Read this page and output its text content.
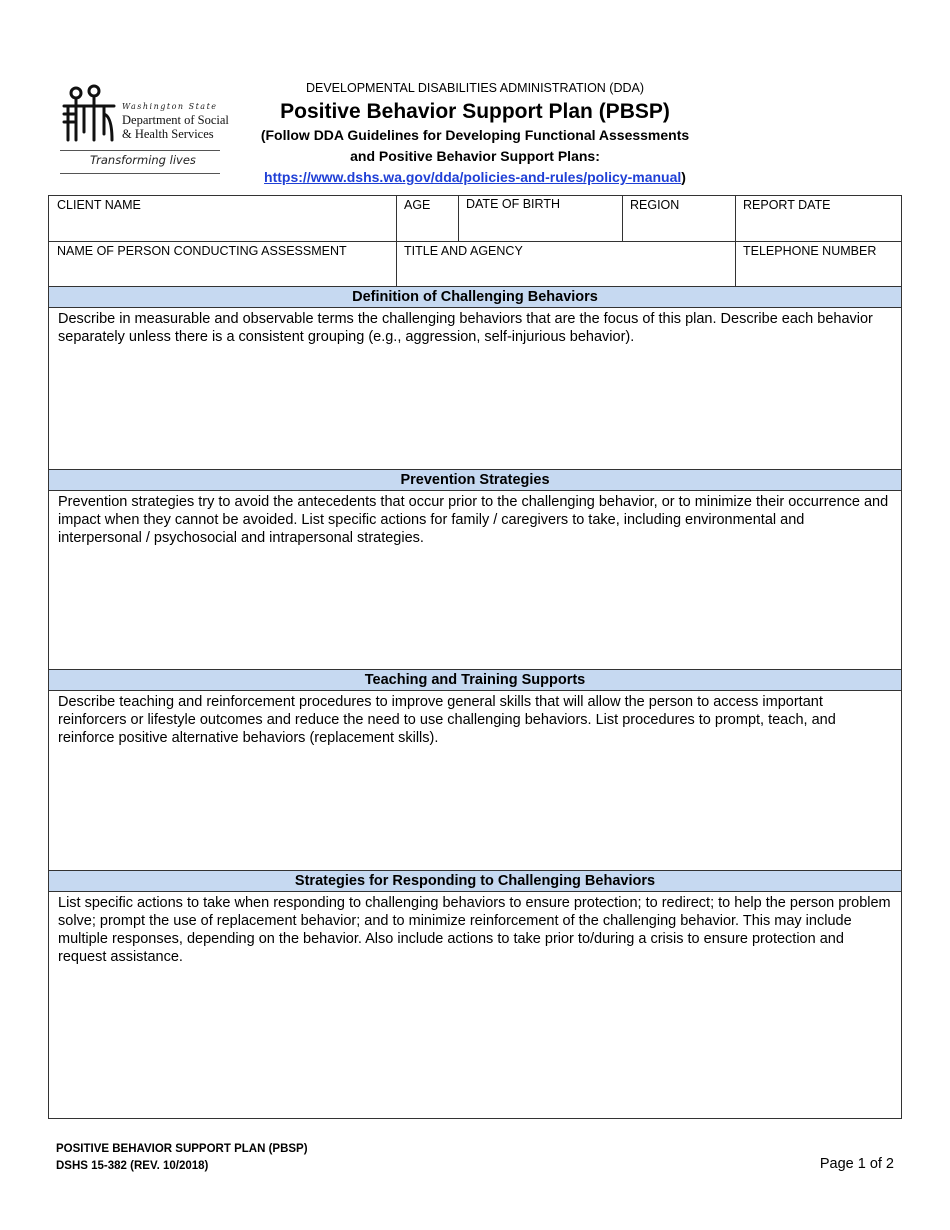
Washington State
Department of Social
& Health Services
Transforming lives
DEVELOPMENTAL DISABILITIES ADMINISTRATION (DDA)
Positive Behavior Support Plan (PBSP)
(Follow DDA Guidelines for Developing Functional Assessments
and Positive Behavior Support Plans:
https://www.dshs.wa.gov/dda/policies-and-rules/policy-manual)
CLIENT NAME	AGE	DATE OF BIRTH	REGION	REPORT DATE
NAME OF PERSON CONDUCTING ASSESSMENT	TITLE AND AGENCY	TELEPHONE NUMBER
Definition of Challenging Behaviors
Describe in measurable and observable terms the challenging behaviors that are the focus of this plan. Describe each behavior separately unless there is a consistent grouping (e.g., aggression, self-injurious behavior).
Prevention Strategies
Prevention strategies try to avoid the antecedents that occur prior to the challenging behavior, or to minimize their occurrence and impact when they cannot be avoided. List specific actions for family / caregivers to take, including environmental and interpersonal / psychosocial and intrapersonal strategies.
Teaching and Training Supports
Describe teaching and reinforcement procedures to improve general skills that will allow the person to access important reinforcers or lifestyle outcomes and reduce the need to use challenging behaviors. List procedures to prompt, teach, and reinforce positive alternative behaviors (replacement skills).
Strategies for Responding to Challenging Behaviors
List specific actions to take when responding to challenging behaviors to ensure protection; to redirect; to help the person problem solve; prompt the use of replacement behavior; and to minimize reinforcement of the challenging behavior. This may include multiple responses, depending on the behavior. Also include actions to take prior to/during a crisis to ensure protection and request assistance.
POSITIVE BEHAVIOR SUPPORT PLAN (PBSP)
DSHS 15-382 (REV. 10/2018)	Page 1 of 2
